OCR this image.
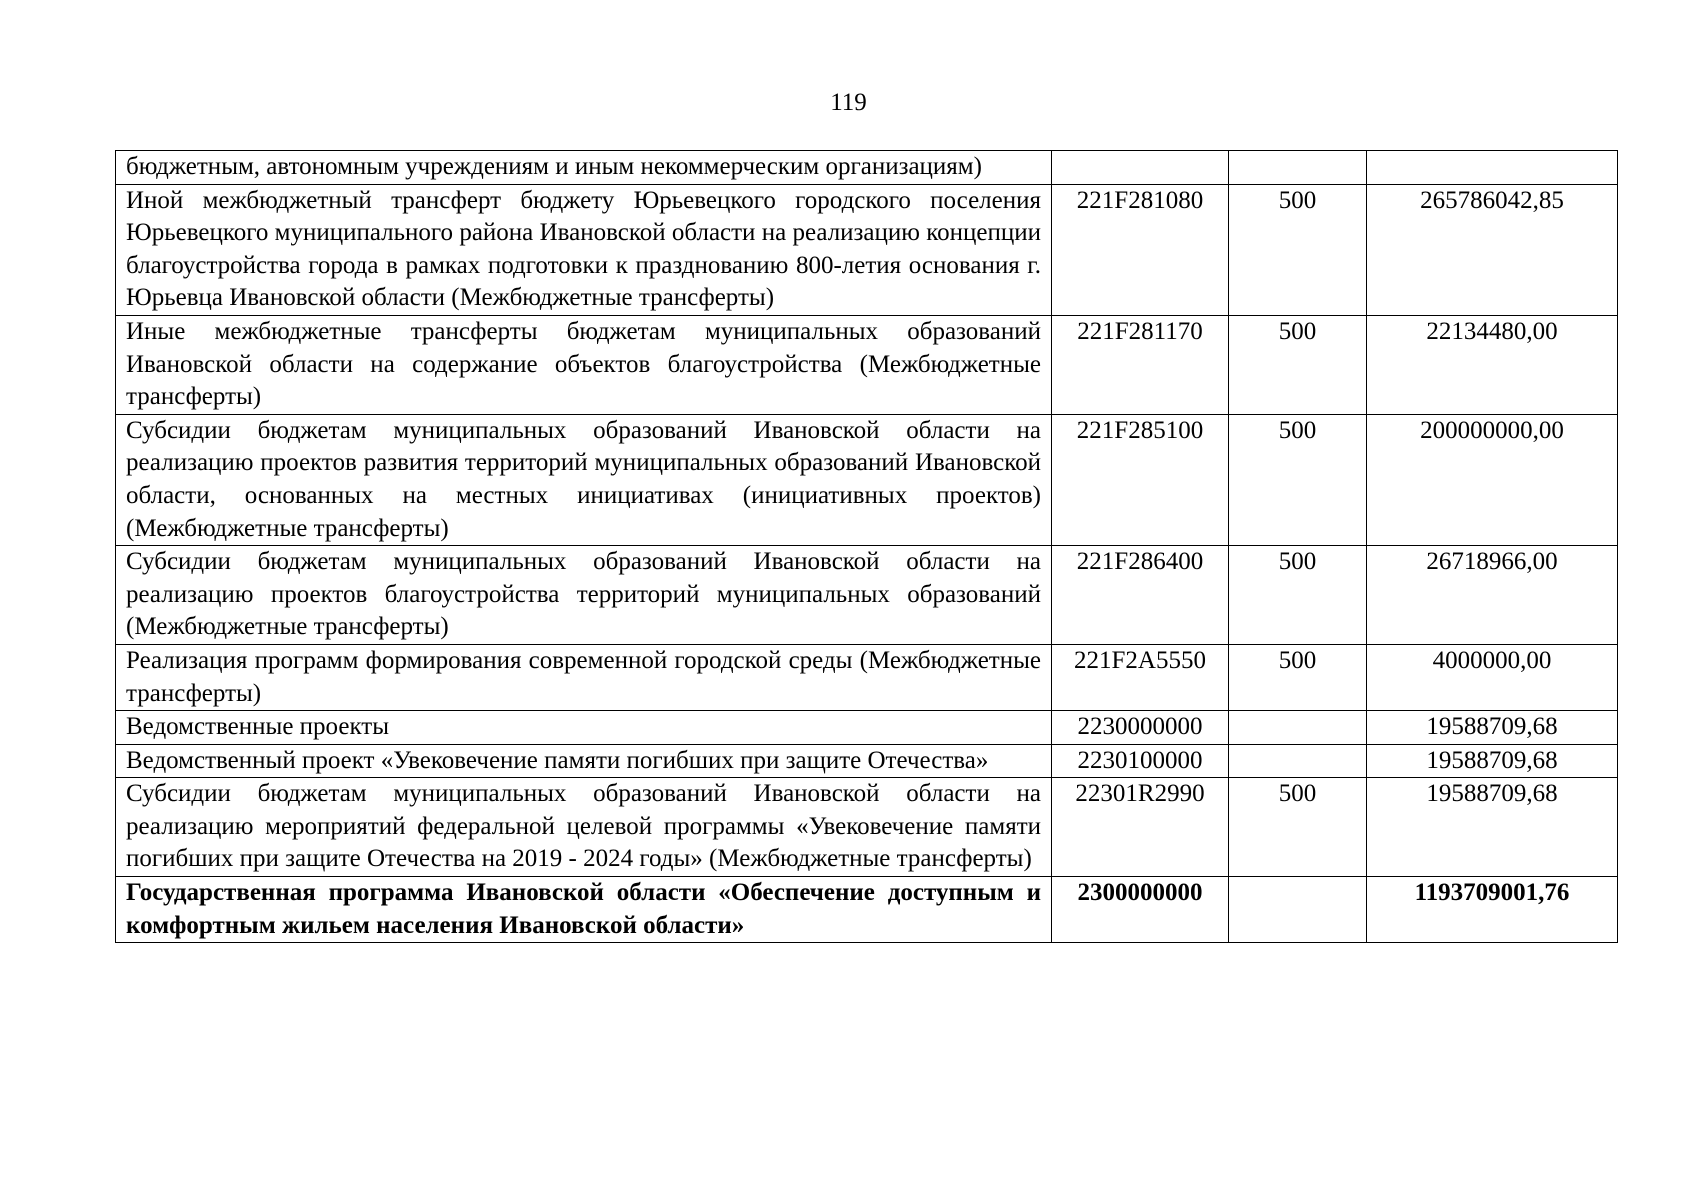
119
бюджетным, автономным учреждениям и иным некоммерческим организациям)			
Иной межбюджетный трансферт бюджету Юрьевецкого городского поселения Юрьевецкого муниципального района Ивановской области на реализацию концепции благоустройства города в рамках подготовки к празднованию 800-летия основания г. Юрьевца Ивановской области (Межбюджетные трансферты)	221F281080	500	265786042,85
Иные межбюджетные трансферты бюджетам муниципальных образований Ивановской области на содержание объектов благоустройства (Межбюджетные трансферты)	221F281170	500	22134480,00
Субсидии бюджетам муниципальных образований Ивановской области на реализацию проектов развития территорий муниципальных образований Ивановской области, основанных на местных инициативах (инициативных проектов) (Межбюджетные трансферты)	221F285100	500	200000000,00
Субсидии бюджетам муниципальных образований Ивановской области на реализацию проектов благоустройства территорий муниципальных образований (Межбюджетные трансферты)	221F286400	500	26718966,00
Реализация программ формирования современной городской среды (Межбюджетные трансферты)	221F2A5550	500	4000000,00
Ведомственные проекты	2230000000		19588709,68
Ведомственный проект «Увековечение памяти погибших при защите Отечества»	2230100000		19588709,68
Субсидии бюджетам муниципальных образований Ивановской области на реализацию мероприятий федеральной целевой программы «Увековечение памяти погибших при защите Отечества на 2019 - 2024 годы» (Межбюджетные трансферты)	22301R2990	500	19588709,68
Государственная программа Ивановской области «Обеспечение доступным и комфортным жильем населения Ивановской области»	2300000000		1193709001,76
